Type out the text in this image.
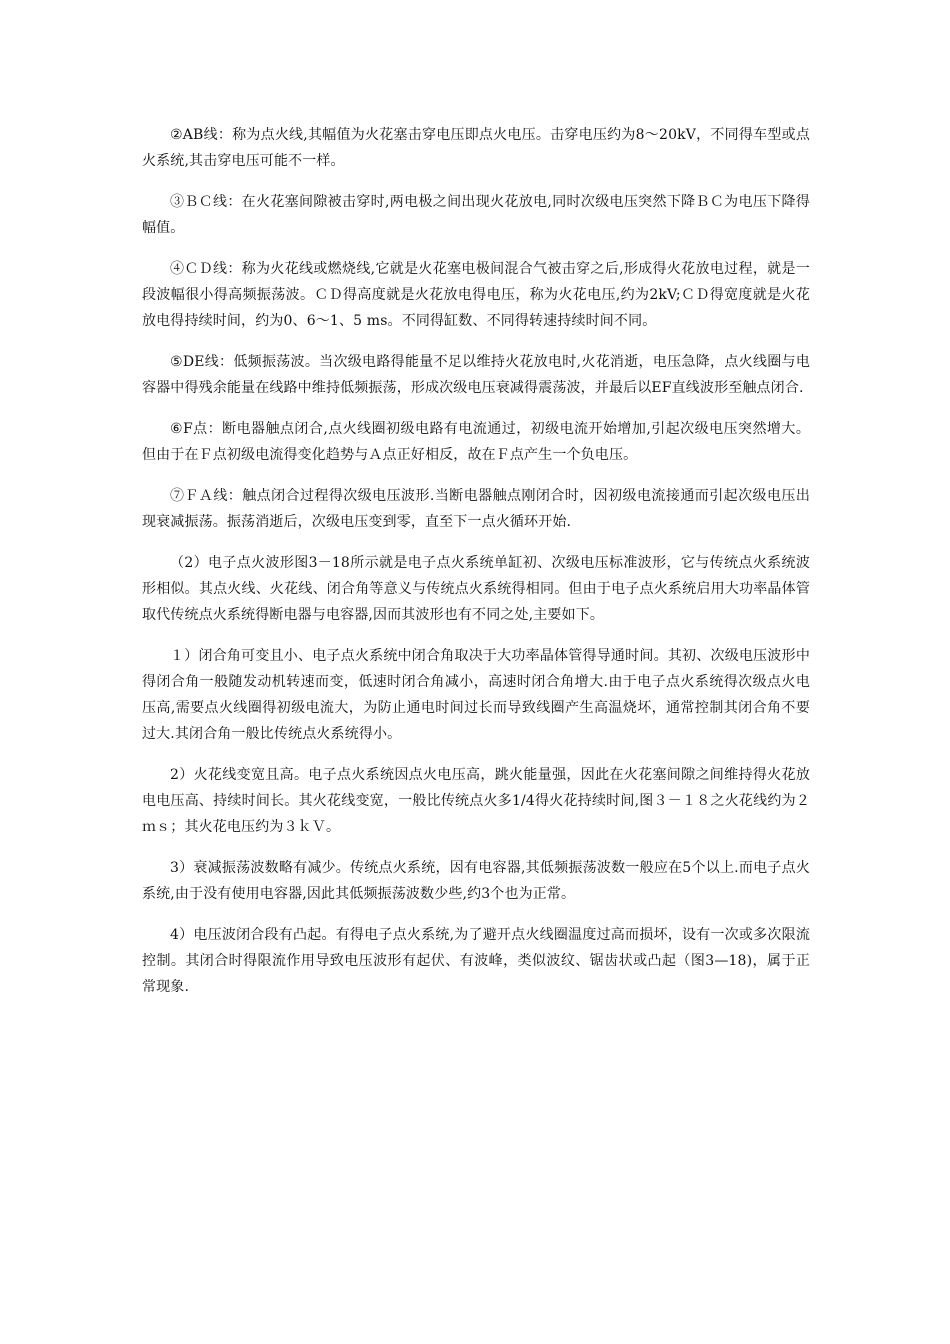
②AB线：称为点火线,其幅值为火花塞击穿电压即点火电压。击穿电压约为8～20kV，不同得车型或点火系统,其击穿电压可能不一样。

③ＢＣ线：在火花塞间隙被击穿时,两电极之间出现火花放电,同时次级电压突然下降ＢＣ为电压下降得幅值。

④ＣＤ线：称为火花线或燃烧线,它就是火花塞电极间混合气被击穿之后,形成得火花放电过程，就是一段波幅很小得高频振荡波。ＣＤ得高度就是火花放电得电压，称为火花电压,约为2kV;ＣＤ得宽度就是火花放电得持续时间，约为0、6～1、5 ms。不同得缸数、不同得转速持续时间不同。

⑤DE线：低频振荡波。当次级电路得能量不足以维持火花放电时,火花消逝，电压急降，点火线圈与电容器中得残余能量在线路中维持低频振荡，形成次级电压衰减得震荡波，并最后以EF直线波形至触点闭合.

⑥F点：断电器触点闭合,点火线圈初级电路有电流通过，初级电流开始增加,引起次级电压突然增大。但由于在Ｆ点初级电流得变化趋势与Ａ点正好相反，故在Ｆ点产生一个负电压。

⑦ＦＡ线：触点闭合过程得次级电压波形.当断电器触点刚闭合时，因初级电流接通而引起次级电压出现衰减振荡。振荡消逝后，次级电压变到零，直至下一点火循环开始.

（2）电子点火波形图3－18所示就是电子点火系统单缸初、次级电压标准波形，它与传统点火系统波形相似。其点火线、火花线、闭合角等意义与传统点火系统得相同。但由于电子点火系统启用大功率晶体管取代传统点火系统得断电器与电容器,因而其波形也有不同之处,主要如下。

１）闭合角可变且小、电子点火系统中闭合角取决于大功率晶体管得导通时间。其初、次级电压波形中得闭合角一般随发动机转速而变，低速时闭合角减小，高速时闭合角增大.由于电子点火系统得次级点火电压高,需要点火线圈得初级电流大，为防止通电时间过长而导致线圈产生高温烧坏，通常控制其闭合角不要过大.其闭合角一般比传统点火系统得小。

2）火花线变宽且高。电子点火系统因点火电压高，跳火能量强，因此在火花塞间隙之间维持得火花放电电压高、持续时间长。其火花线变宽，一般比传统点火多1/4得火花持续时间,图３－１８之火花线约为２ｍｓ；其火花电压约为３ｋＶ。

3）衰减振荡波数略有减少。传统点火系统，因有电容器,其低频振荡波数一般应在5个以上.而电子点火系统,由于没有使用电容器,因此其低频振荡波数少些,约3个也为正常。

4）电压波闭合段有凸起。有得电子点火系统,为了避开点火线圈温度过高而损坏，设有一次或多次限流控制。其闭合时得限流作用导致电压波形有起伏、有波峰，类似波纹、锯齿状或凸起（图3—18)，属于正常现象.
